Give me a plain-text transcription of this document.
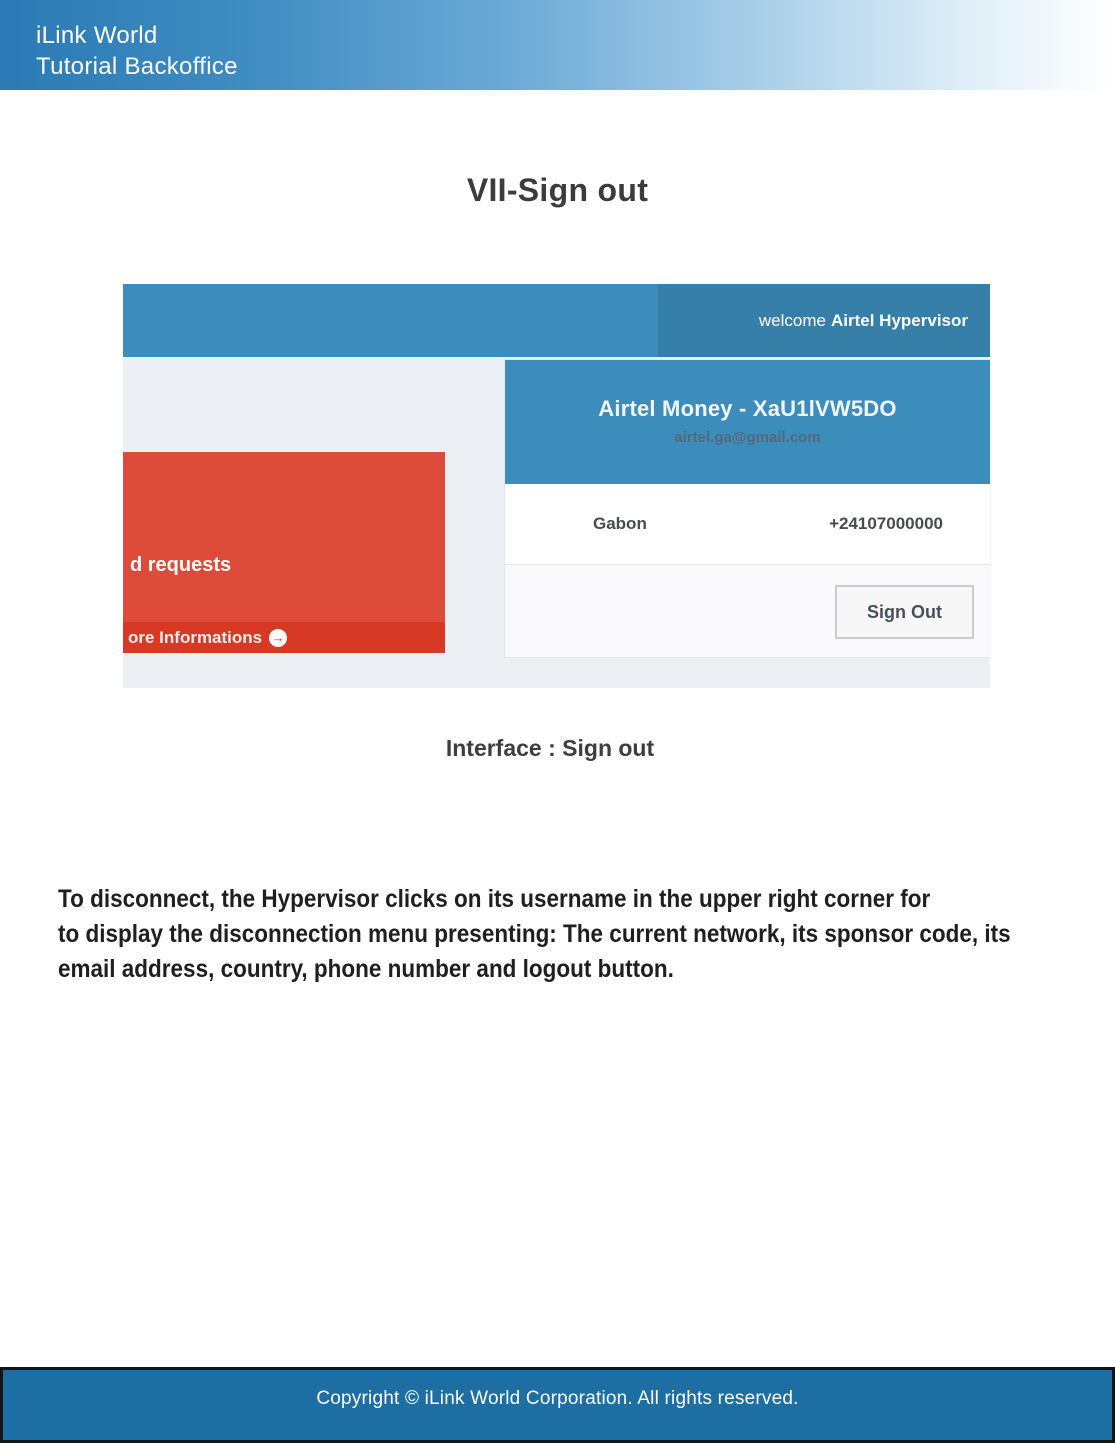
iLink World
Tutorial Backoffice
VII-Sign out
welcome Airtel Hypervisor
d requests
ore Informations →
Airtel Money - XaU1lVW5DO
airtel.ga@gmail.com
Gabon	+24107000000
Sign Out
Interface : Sign out
To disconnect, the Hypervisor clicks on its username in the upper right corner for
to display the disconnection menu presenting: The current network, its sponsor code, its
email address, country, phone number and logout button.
Copyright © iLink World Corporation. All rights reserved.
